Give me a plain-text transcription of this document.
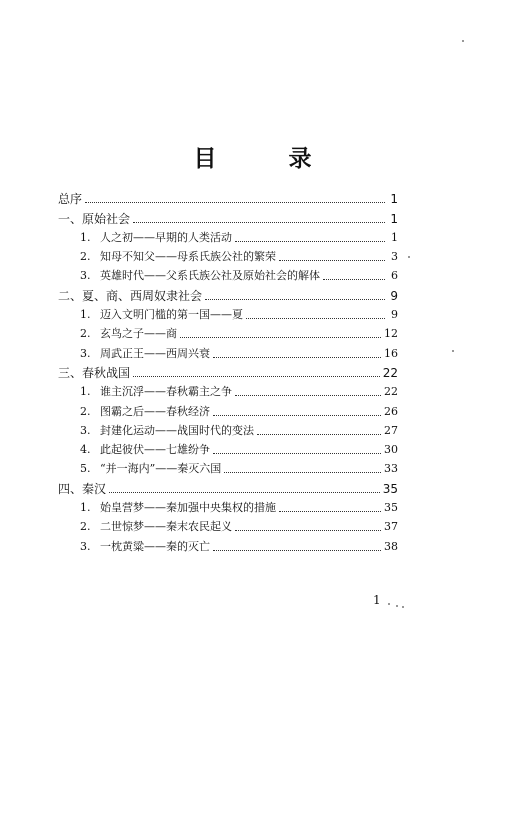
目 录
总序	1
一、原始社会	1
1. 人之初——早期的人类活动	1
2. 知母不知父——母系氏族公社的繁荣	3
3. 英雄时代——父系氏族公社及原始社会的解体	6
二、夏、商、西周奴隶社会	9
1. 迈入文明门槛的第一国——夏	9
2. 玄鸟之子——商	12
3. 周武正王——西周兴衰	16
三、春秋战国	22
1. 谁主沉浮——春秋霸主之争	22
2. 图霸之后——春秋经济	26
3. 封建化运动——战国时代的变法	27
4. 此起彼伏——七雄纷争	30
5. “并一海内”——秦灭六国	33
四、秦汉	35
1. 始皇营梦——秦加强中央集权的措施	35
2. 二世惊梦——秦末农民起义	37
3. 一枕黄粱——秦的灭亡	38
1
